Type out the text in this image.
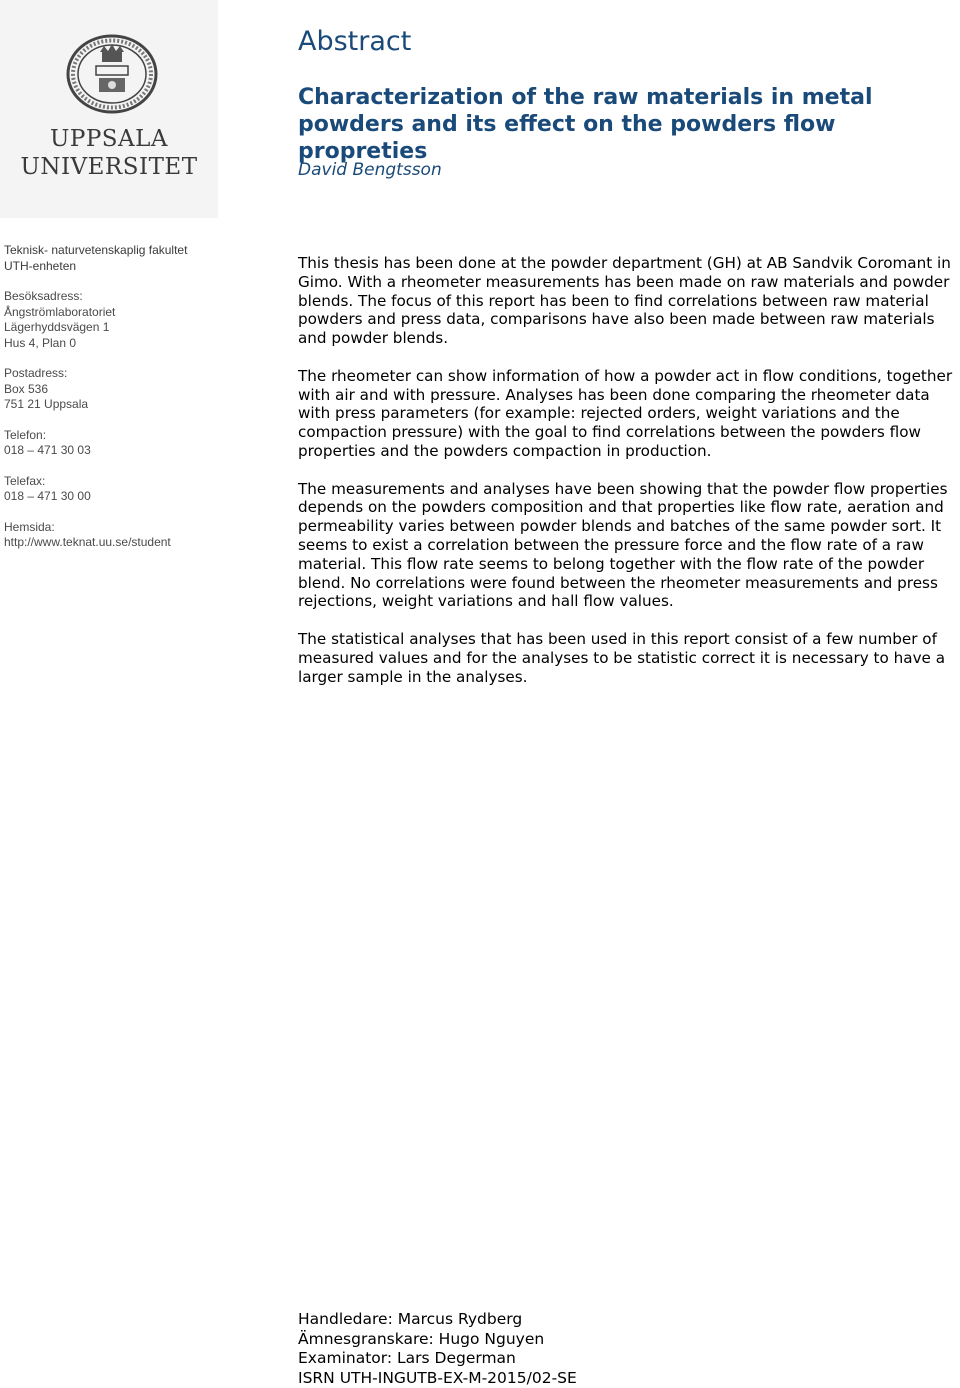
UPPSALA
UNIVERSITET
Teknisk- naturvetenskaplig fakultet
UTH-enheten
Besöksadress:
Ångströmlaboratoriet
Lägerhyddsvägen 1
Hus 4, Plan 0
Postadress:
Box 536
751 21 Uppsala
Telefon:
018 – 471 30 03
Telefax:
018 – 471 30 00
Hemsida:
http://www.teknat.uu.se/student
Abstract
Characterization of the raw materials in metal powders and its effect on the powders flow propreties
David Bengtsson

This thesis has been done at the powder department (GH) at AB Sandvik Coromant in Gimo. With a rheometer measurements has been made on raw materials and powder blends. The focus of this report has been to find correlations between raw material powders and press data, comparisons have also been made between raw materials and powder blends.

The rheometer can show information of how a powder act in flow conditions, together with air and with pressure. Analyses has been done comparing the rheometer data with press parameters (for example: rejected orders, weight variations and the compaction pressure) with the goal to find correlations between the powders flow properties and the powders compaction in production.

The measurements and analyses have been showing that the powder flow properties depends on the powders composition and that properties like flow rate, aeration and permeability varies between powder blends and batches of the same powder sort. It seems to exist a correlation between the pressure force and the flow rate of a raw material. This flow rate seems to belong together with the flow rate of the powder blend. No correlations were found between the rheometer measurements and press rejections, weight variations and hall flow values.

The statistical analyses that has been used in this report consist of a few number of measured values and for the analyses to be statistic correct it is necessary to have a larger sample in the analyses.

Handledare: Marcus Rydberg
Ämnesgranskare: Hugo Nguyen
Examinator: Lars Degerman
ISRN UTH-INGUTB-EX-M-2015/02-SE
